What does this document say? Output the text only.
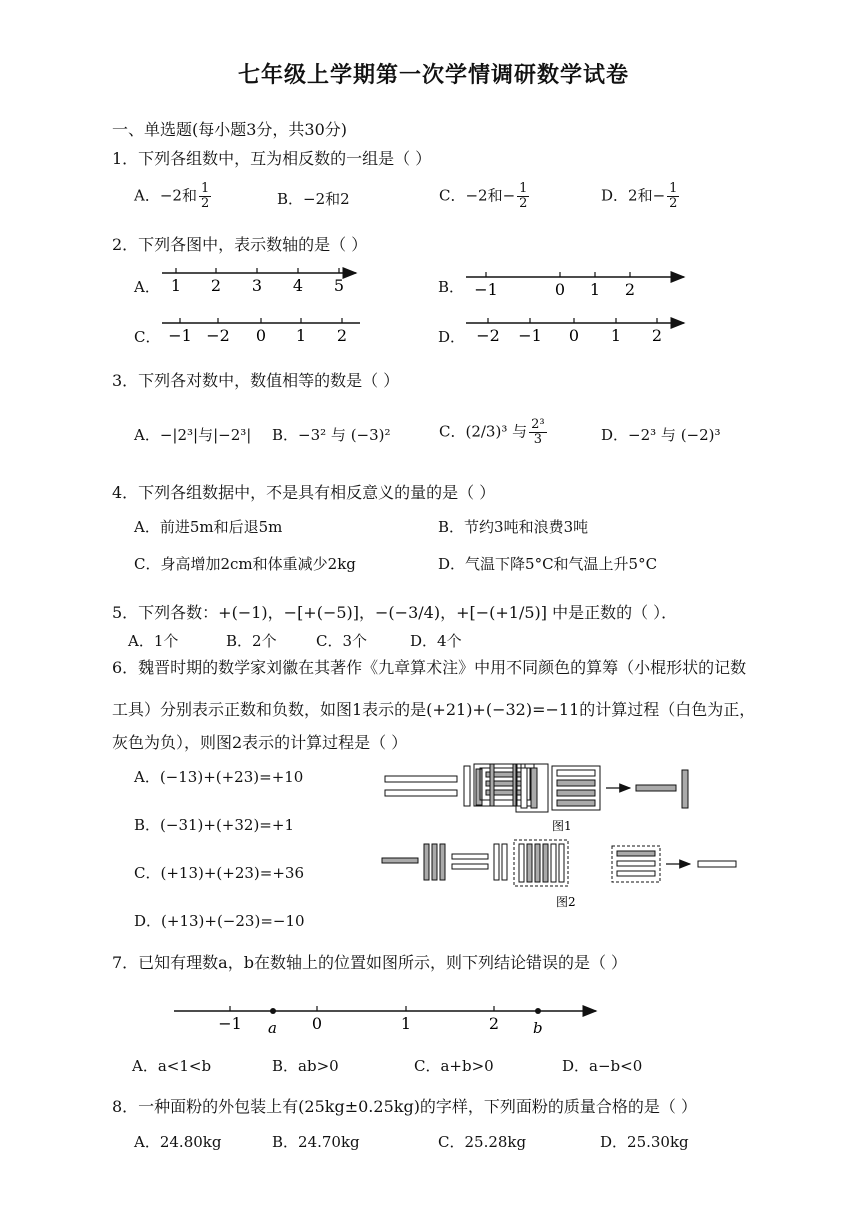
七年级上学期第一次学情调研数学试卷
一、单选题(每小题3分，共30分)
1．下列各组数中，互为相反数的一组是（ ）
A．−2和 $\frac{1}{2}$	B．−2和2	C．−2和− $\frac{1}{2}$	D．2和− $\frac{1}{2}$
2．下列各图中，表示数轴的是（ ）
A．	B．
C．	D．
1 2 3 4 5	−1	0 1 2
−1 −2 0 1 2	−2 −1 0 1 2
3．下列各对数中，数值相等的数是（ ）
A．−|2³|与|−2³| B．−3² 与 (−3)²	C．(2/3)³ 与 $\frac{\text{2³}}{3}$	D．−2³ 与 (−2)³
4．下列各组数据中，不是具有相反意义的量的是（ ）
A．前进5m和后退5m	B．节约3吨和浪费3吨
C．身高增加2cm和体重减少2kg	D．气温下降5°C和气温上升5°C
5．下列各数：+(−1)，−[+(−5)]，−(−3/4)，+[−(+1/5)] 中是正数的（ ）．
A．1个	B．2个	C．3个	D．4个
6．魏晋时期的数学家刘徽在其著作《九章算术注》中用不同颜色的算筹（小棍形状的记数
工具）分别表示正数和负数，如图1表示的是(+21)+(−32)=−11的计算过程（白色为正，
灰色为负），则图2表示的计算过程是（ ）
A．(−13)+(+23)=+10
B．(−31)+(+32)=+1
C．(+13)+(+23)=+36
D．(+13)+(−23)=−10
图1
图2
7．已知有理数a，b在数轴上的位置如图所示，则下列结论错误的是（ ）
−1	0	1	2
a	b
A．a<1<b	B．ab>0	C．a+b>0	D．a−b<0
8．一种面粉的外包装上有(25kg±0.25kg)的字样，下列面粉的质量合格的是（ ）
A．24.80kg	B．24.70kg	C．25.28kg	D．25.30kg
